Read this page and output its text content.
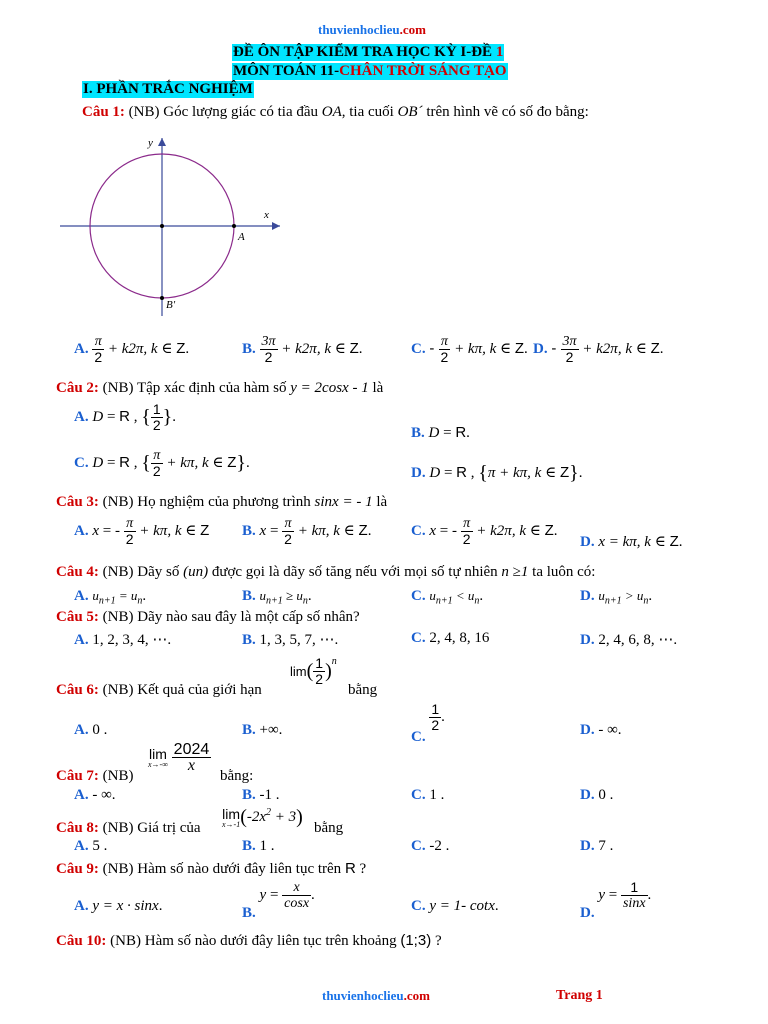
thuvienhoclieu.com
ĐỀ ÔN TẬP KIỂM TRA HỌC KỲ I-ĐỀ 1
MÔN TOÁN 11-CHÂN TRỜI SÁNG TẠO
I. PHẦN TRẮC NGHIỆM
Câu 1: (NB) Góc lượng giác có tia đầu OA, tia cuối OB´ trên hình vẽ có số đo bằng:
x
y
A
B′
A. $\frac{\pi}{2} + k2\pi$, k ∈ Z.	B. $\frac{3\pi}{2} + k2\pi$, k ∈ Z.	C. - $\frac{\pi}{2} + k\pi$, k ∈ Z. D. - $\frac{3\pi}{2} + k2\pi$, k ∈ Z.
Câu 2: (NB) Tập xác định của hàm số y = 2cosx - 1 là
A. D = R , { $\frac{1}{2}$ }.
B. D = R.
C. D = R , { $\frac{\pi}{2} + k\pi$, k ∈ Z}.
D. D = R , {π + kπ, k ∈ Z}.
Câu 3: (NB) Họ nghiệm của phương trình sinx = - 1 là
A. x = - $\frac{\pi}{2} + k\pi$, k ∈ Z B. $x = \frac{\pi}{2} + k\pi$, k ∈ Z.	C. x = - $\frac{\pi}{2} + k2\pi$, k ∈ Z.
D. x = kπ, k ∈ Z.
Câu 4: (NB) Dãy số (un) được gọi là dãy số tăng nếu với mọi số tự nhiên n ≥1 ta luôn có:
A. $u_{n+1} = u_n$.	B. $u_{n+1} \ge u_n$.	C. $u_{n+1} < u_n$.	D. $u_{n+1} > u_n$.
Câu 5: (NB) Dãy nào sau đây là một cấp số nhân?
A. 1, 2, 3, 4, ⋯.	B. 1, 3, 5, 7, ⋯.	C. 2, 4, 8, 16	D. 2, 4, 6, 8, ⋯.
Câu 6: (NB) Kết quả của giới hạn
$\lim( \frac{1}{2} )^n$
bằng
A. 0 .	B. +∞.	C.
$\frac{1}{2}$ .
D. - ∞.
Câu 7: (NB)
lim
x→-∞
$\frac{2024}{x}$
bằng:
A. - ∞.	B. -1 .	C. 1 .	D. 0 .
Câu 8: (NB) Giá trị của
lim
x→-1 $(-2x^2 + 3)$ bằng
A. 5 .	B. 1 .	C. -2 .	D. 7 .
Câu 9: (NB) Hàm số nào dưới đây liên tục trên R ?
A. y = x · sinx.	B. $y = \frac{x}{\cos x}$ .
C. y = 1- cotx.	D. $y = \frac{1}{\sin x}$ .
Câu 10: (NB) Hàm số nào dưới đây liên tục trên khoảng (1;3) ?
thuvienhoclieu.com	Trang 1
